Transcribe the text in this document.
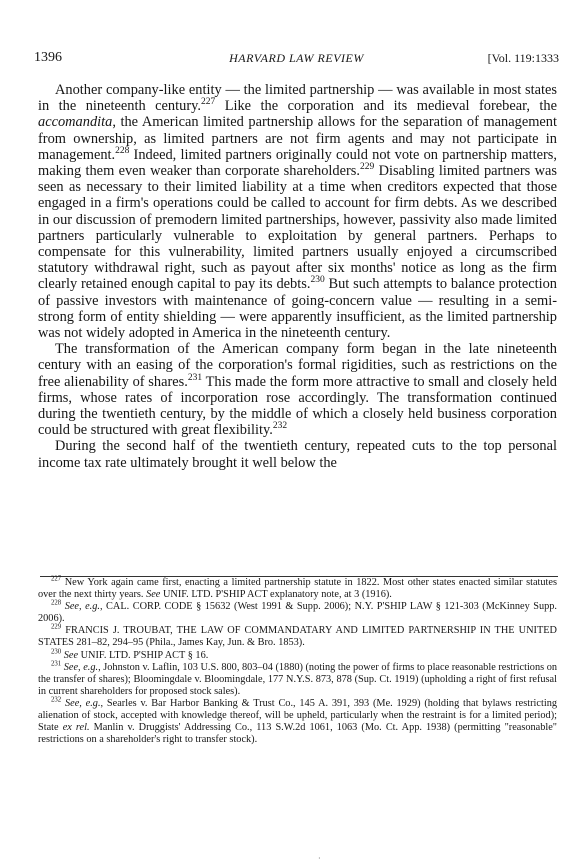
1396	HARVARD LAW REVIEW	[Vol. 119:1333

Another company-like entity — the limited partnership — was available in most states in the nineteenth century.$^{227}$ Like the corporation and its medieval forebear, the accomandita, the American limited partnership allows for the separation of management from ownership, as limited partners are not firm agents and may not participate in management.$^{228}$ Indeed, limited partners originally could not vote on partnership matters, making them even weaker than corporate shareholders.$^{229}$ Disabling limited partners was seen as necessary to their limited liability at a time when creditors expected that those engaged in a firm's operations could be called to account for firm debts. As we described in our discussion of premodern limited partnerships, however, passivity also made limited partners particularly vulnerable to exploitation by general partners. Perhaps to compensate for this vulnerability, limited partners usually enjoyed a circumscribed statutory withdrawal right, such as payout after six months' notice as long as the firm clearly retained enough capital to pay its debts.$^{230}$ But such attempts to balance protection of passive investors with maintenance of going-concern value — resulting in a semi-strong form of entity shielding — were apparently insufficient, as the limited partnership was not widely adopted in America in the nineteenth century.

The transformation of the American company form began in the late nineteenth century with an easing of the corporation's formal rigidities, such as restrictions on the free alienability of shares.$^{231}$ This made the form more attractive to small and closely held firms, whose rates of incorporation rose accordingly. The transformation continued during the twentieth century, by the middle of which a closely held business corporation could be structured with great flexibility.$^{232}$

During the second half of the twentieth century, repeated cuts to the top personal income tax rate ultimately brought it well below the

$^{227}$ New York again came first, enacting a limited partnership statute in 1822. Most other states enacted similar statutes over the next thirty years. See UNIF. LTD. P'SHIP ACT explanatory note, at 3 (1916).

$^{228}$ See, e.g., CAL. CORP. CODE § 15632 (West 1991 & Supp. 2006); N.Y. P'SHIP LAW § 121-303 (McKinney Supp. 2006).

$^{229}$ FRANCIS J. TROUBAT, THE LAW OF COMMANDATARY AND LIMITED PARTNERSHIP IN THE UNITED STATES 281–82, 294–95 (Phila., James Kay, Jun. & Bro. 1853).

$^{230}$ See UNIF. LTD. P'SHIP ACT § 16.

$^{231}$ See, e.g., Johnston v. Laflin, 103 U.S. 800, 803–04 (1880) (noting the power of firms to place reasonable restrictions on the transfer of shares); Bloomingdale v. Bloomingdale, 177 N.Y.S. 873, 878 (Sup. Ct. 1919) (upholding a right of first refusal in current shareholders for proposed stock sales).

$^{232}$ See, e.g., Searles v. Bar Harbor Banking & Trust Co., 145 A. 391, 393 (Me. 1929) (holding that bylaws restricting alienation of stock, accepted with knowledge thereof, will be upheld, particularly when the restraint is for a limited period); State ex rel. Manlin v. Druggists' Addressing Co., 113 S.W.2d 1061, 1063 (Mo. Ct. App. 1938) (permitting "reasonable" restrictions on a shareholder's right to transfer stock).

·
